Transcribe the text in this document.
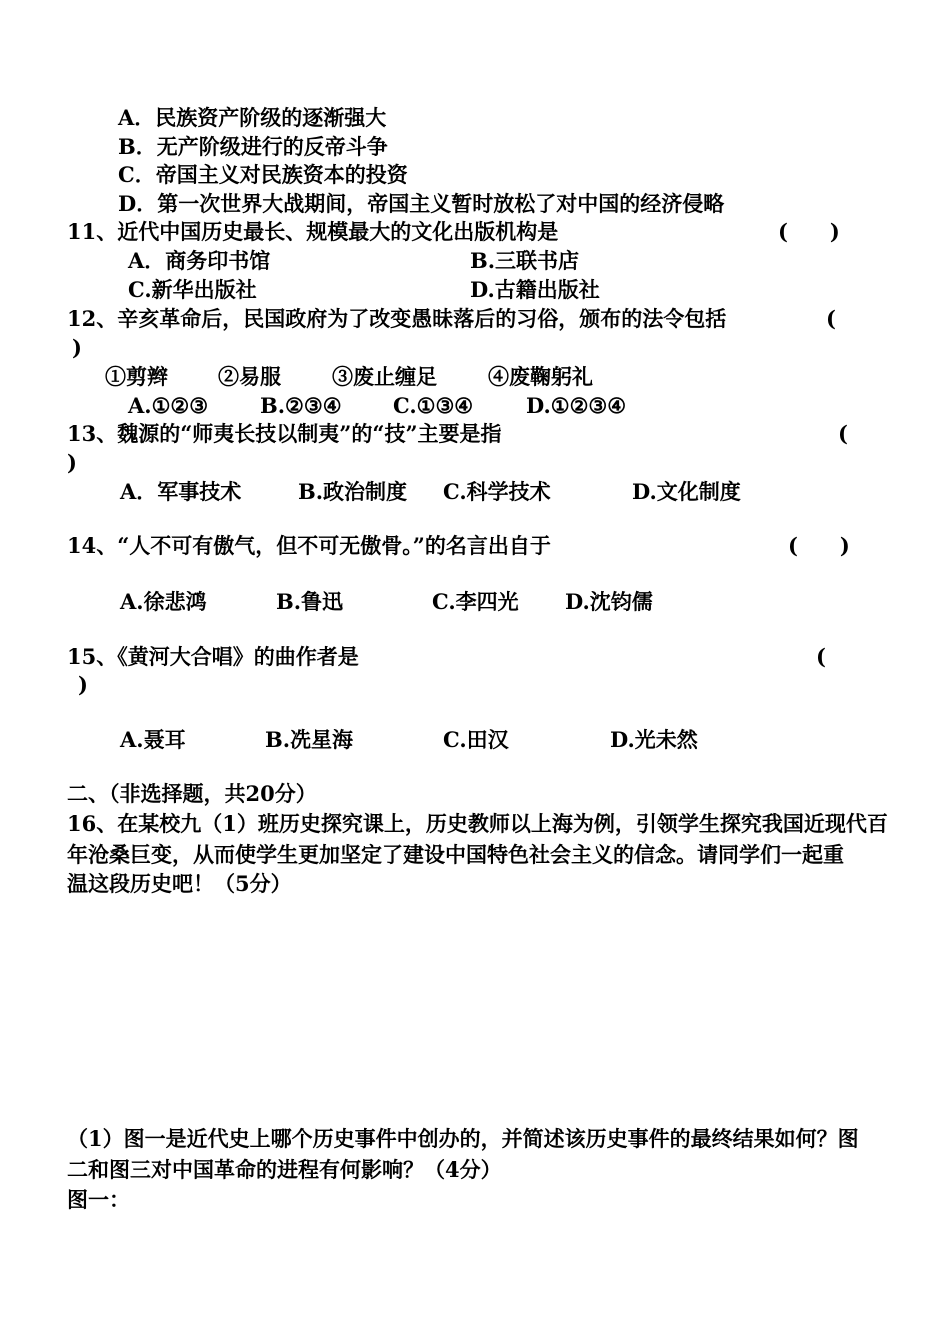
A．民族资产阶级的逐渐强大
B．无产阶级进行的反帝斗争
C．帝国主义对民族资本的投资
D．第一次世界大战期间，帝国主义暂时放松了对中国的经济侵略
11、近代中国历史最长、规模最大的文化出版机构是	(　　)
A．商务印书馆	B.三联书店
C.新华出版社	D.古籍出版社
12、辛亥革命后，民国政府为了改变愚昧落后的习俗，颁布的法令包括	(
)
①剪辫 ②易服 ③废止缠足 ④废鞠躬礼
A.①②③ B.②③④ C.①③④	D.①②③④
13、魏源的“师夷长技以制夷”的“技”主要是指	(
)
A．军事技术	B.政治制度 C.科学技术	D.文化制度
14、“人不可有傲气，但不可无傲骨。”的名言出自于	(　　)
A.徐悲鸿	B.鲁迅	C.李四光 D.沈钧儒
15、《黄河大合唱》的曲作者是	(
)
A.聂耳	B.冼星海	C.田汉	D.光未然
二、（非选择题，共20分）
16、在某校九（1）班历史探究课上，历史教师以上海为例，引领学生探究我国近现代百
年沧桑巨变，从而使学生更加坚定了建设中国特色社会主义的信念。请同学们一起重
温这段历史吧！（5分）
（1）图一是近代史上哪个历史事件中创办的，并简述该历史事件的最终结果如何？图
二和图三对中国革命的进程有何影响？（4分）
图一：
